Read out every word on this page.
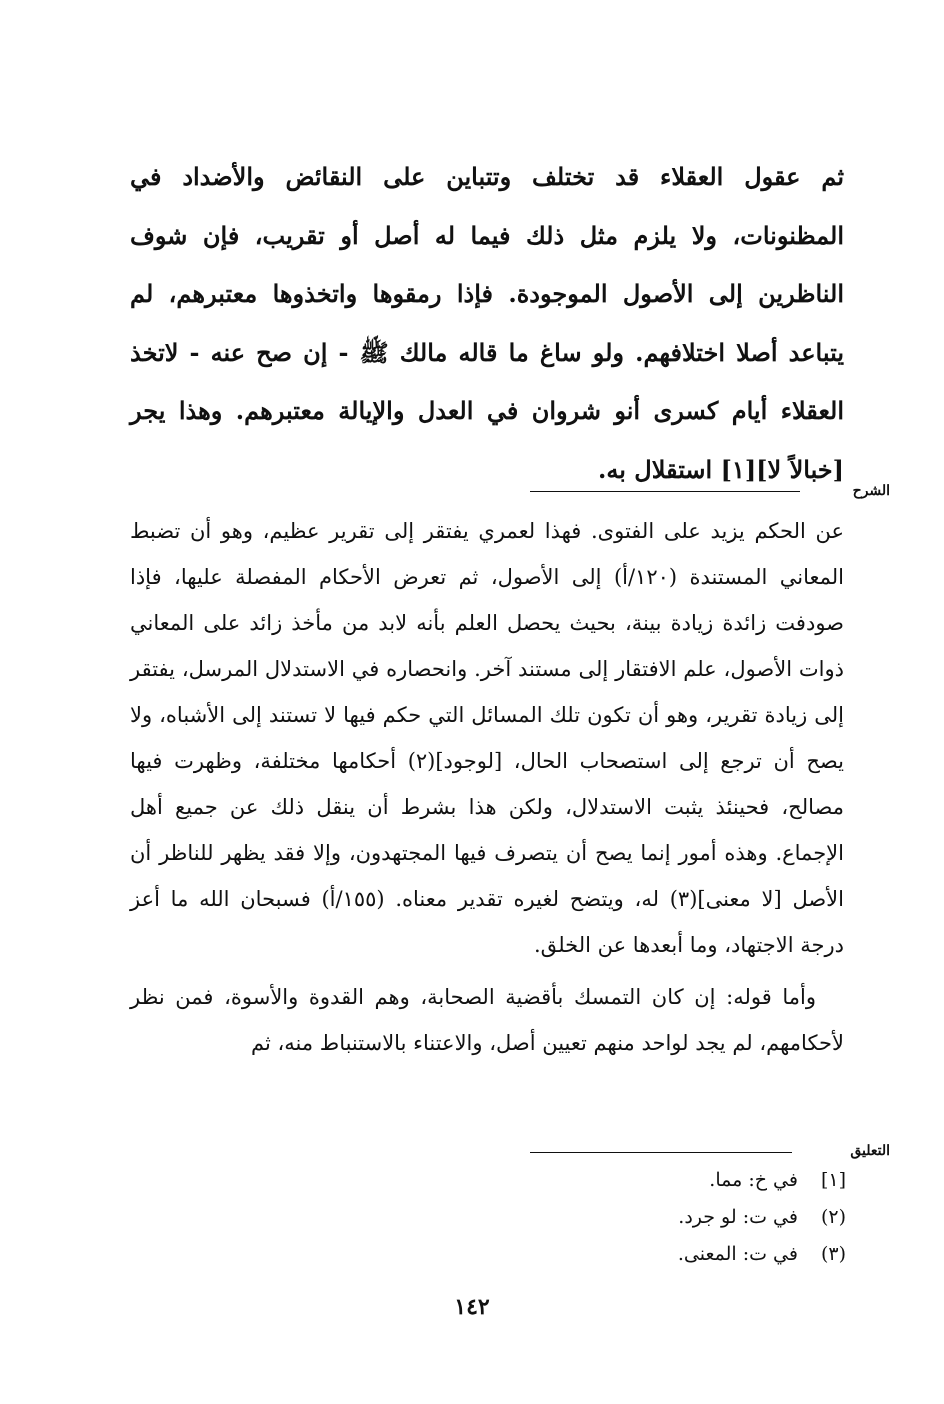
ثم عقول العقلاء قد تختلف وتتباين على النقائض والأضداد في المظنونات، ولا يلزم مثل ذلك فيما له أصل أو تقريب، فإن شوف الناظرين إلى الأصول الموجودة. فإذا رمقوها واتخذوها معتبرهم، لم يتباعد أصلا اختلافهم. ولو ساغ ما قاله مالك ﷺ - إن صح عنه - لاتخذ العقلاء أيام كسرى أنو شروان في العدل والإيالة معتبرهم. وهذا يجر [خبالاً لا][١] استقلال به.

الشرح

عن الحكم يزيد على الفتوى. فهذا لعمري يفتقر إلى تقرير عظيم، وهو أن تضبط المعاني المستندة (١٢٠/أ) إلى الأصول، ثم تعرض الأحكام المفصلة عليها، فإذا صودفت زائدة زيادة بينة، بحيث يحصل العلم بأنه لابد من مأخذ زائد على المعاني ذوات الأصول، علم الافتقار إلى مستند آخر. وانحصاره في الاستدلال المرسل، يفتقر إلى زيادة تقرير، وهو أن تكون تلك المسائل التي حكم فيها لا تستند إلى الأشباه، ولا يصح أن ترجع إلى استصحاب الحال، [لوجود](٢) أحكامها مختلفة، وظهرت فيها مصالح، فحينئذ يثبت الاستدلال، ولكن هذا بشرط أن ينقل ذلك عن جميع أهل الإجماع. وهذه أمور إنما يصح أن يتصرف فيها المجتهدون، وإلا فقد يظهر للناظر أن الأصل [لا معنى](٣) له، ويتضح لغيره تقدير معناه. (١٥٥/أ) فسبحان الله ما أعز درجة الاجتهاد، وما أبعدها عن الخلق.

وأما قوله: إن كان التمسك بأقضية الصحابة، وهم القدوة والأسوة، فمن نظر لأحكامهم، لم يجد لواحد منهم تعيين أصل، والاعتناء بالاستنباط منه، ثم

التعليق
[١] في خ: مما.
(٢) في ت: لو جرد.
(٣) في ت: المعنى.
١٤٢
